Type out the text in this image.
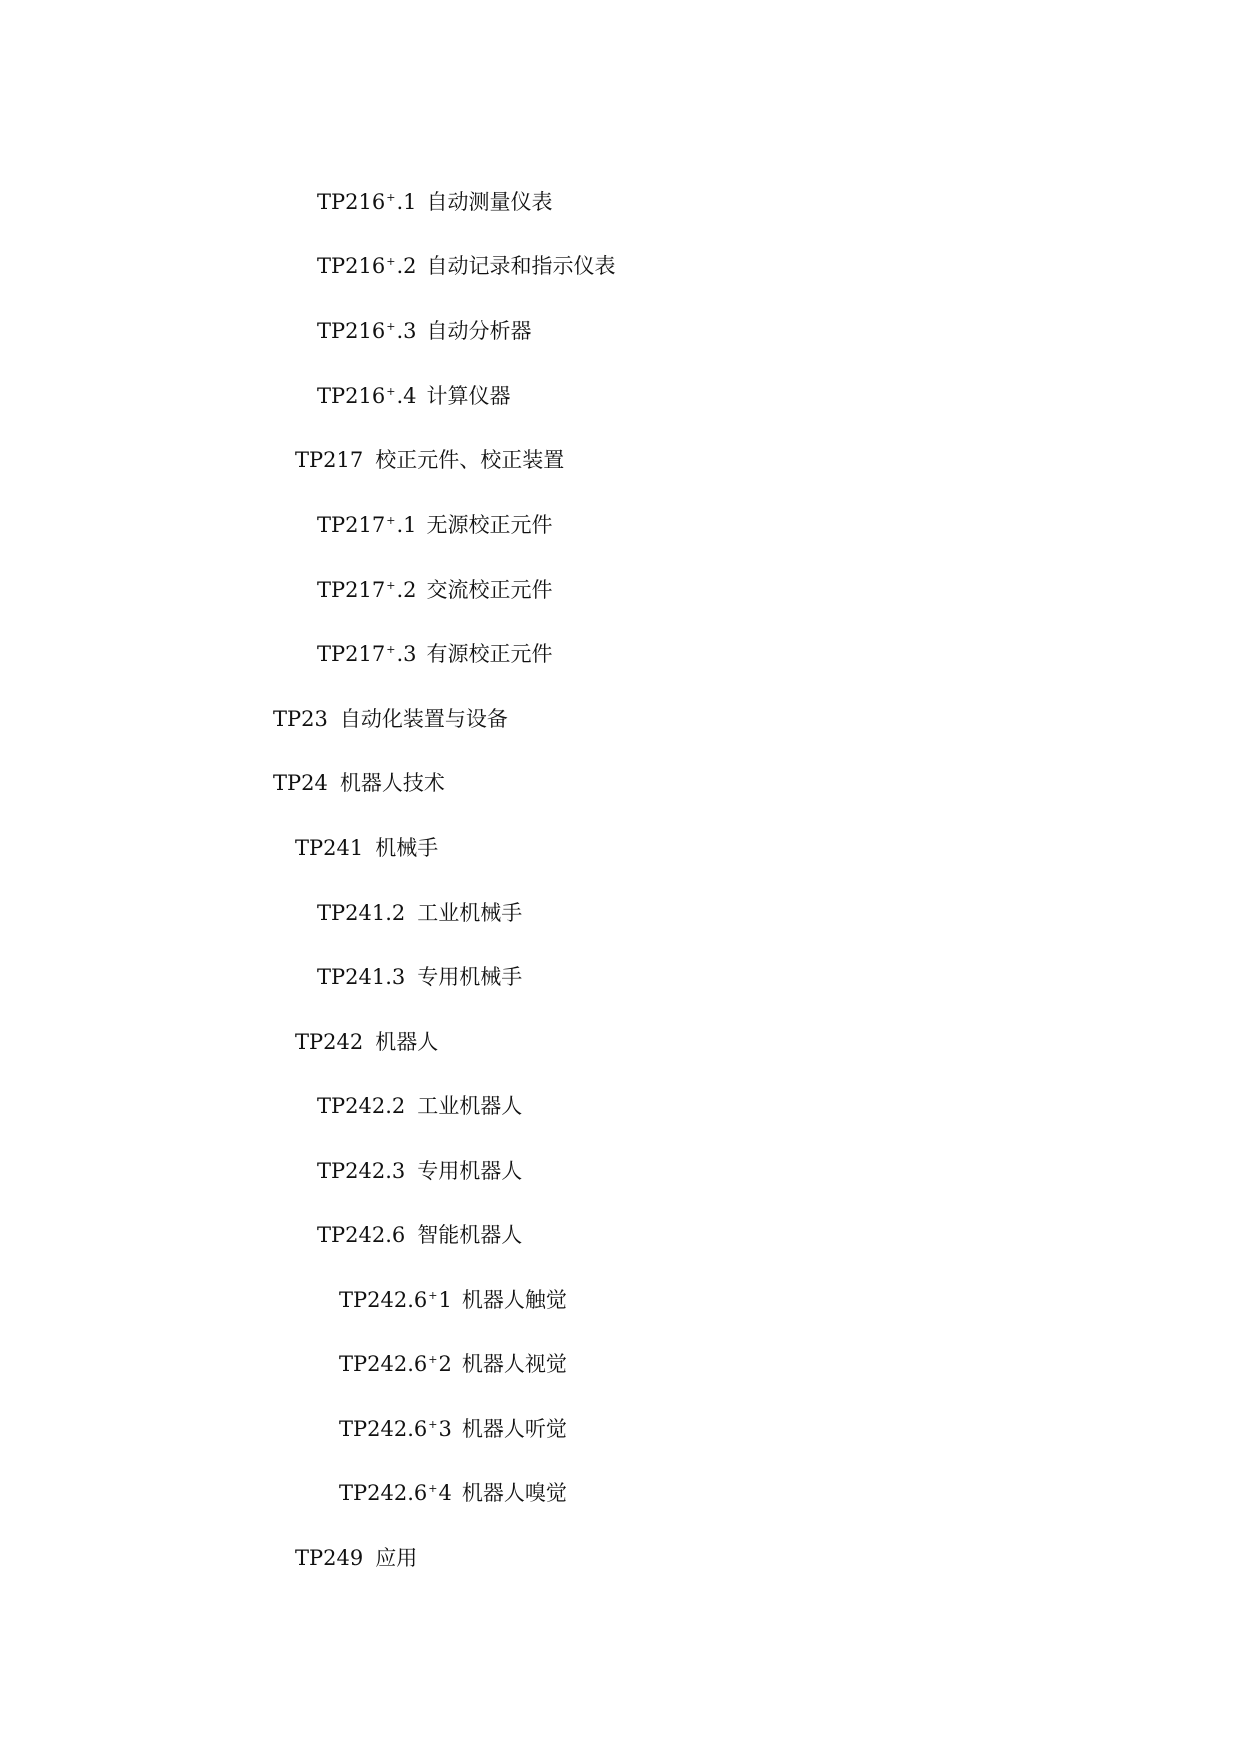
TP216+.1 自动测量仪表
TP216+.2 自动记录和指示仪表
TP216+.3 自动分析器
TP216+.4 计算仪器
TP217 校正元件、校正装置
TP217+.1 无源校正元件
TP217+.2 交流校正元件
TP217+.3 有源校正元件
TP23 自动化装置与设备
TP24 机器人技术
TP241 机械手
TP241.2 工业机械手
TP241.3 专用机械手
TP242 机器人
TP242.2 工业机器人
TP242.3 专用机器人
TP242.6 智能机器人
TP242.6+1 机器人触觉
TP242.6+2 机器人视觉
TP242.6+3 机器人听觉
TP242.6+4 机器人嗅觉
TP249 应用
